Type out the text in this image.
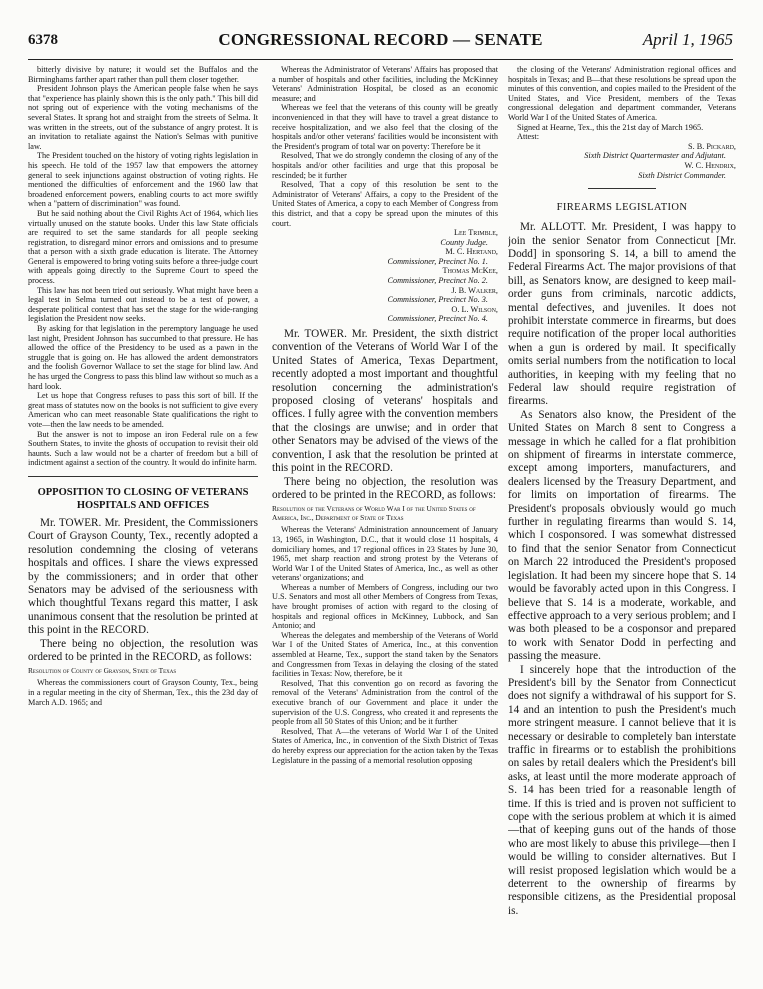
6378	CONGRESSIONAL RECORD — SENATE	April 1, 1965

bitterly divisive by nature; it would set the Buffalos and the Birminghams farther apart rather than pull them closer together.

President Johnson plays the American people false when he says that "experience has plainly shown this is the only path." This bill did not spring out of experience with the voting mechanisms of the several States. It sprang hot and straight from the streets of Selma. It was written in the streets, out of the substance of angry protest. It is an invitation to retaliate against the Nation's Selmas with punitive law.

The President touched on the history of voting rights legislation in his speech. He told of the 1957 law that empowers the attorney general to seek injunctions against obstruction of voting rights. He mentioned the difficulties of enforcement and the 1960 law that broadened enforcement powers, enabling courts to act more swiftly when a "pattern of discrimination" was found.

But he said nothing about the Civil Rights Act of 1964, which lies virtually unused on the statute books. Under this law State officials are required to set the same standards for all people seeking registration, to disregard minor errors and omissions and to presume that a person with a sixth grade education is literate. The Attorney General is empowered to bring voting suits before a three-judge court with appeals going directly to the Supreme Court to speed the process.

This law has not been tried out seriously. What might have been a legal test in Selma turned out instead to be a test of power, a desperate political contest that has set the stage for the wide-ranging legislation the President now seeks.

By asking for that legislation in the peremptory language he used last night, President Johnson has succumbed to that pressure. He has allowed the office of the Presidency to be used as a pawn in the struggle that is going on. He has allowed the ardent demonstrators and the foolish Governor Wallace to set the stage for blind law. And he has urged the Congress to pass this blind law without so much as a hard look.

Let us hope that Congress refuses to pass this sort of bill. If the great mass of statutes now on the books is not sufficient to give every American who can meet reasonable State qualifications the right to vote—then the law needs to be amended.

But the answer is not to impose an iron Federal rule on a few Southern States, to invite the ghosts of occupation to revisit their old haunts. Such a law would not be a charter of freedom but a bill of indictment against a section of the country. It would do infinite harm.

OPPOSITION TO CLOSING OF VETERANS HOSPITALS AND OFFICES

Mr. TOWER. Mr. President, the Commissioners Court of Grayson County, Tex., recently adopted a resolution condemning the closing of veterans hospitals and offices. I share the views expressed by the commissioners; and in order that other Senators may be advised of the seriousness with which thoughtful Texans regard this matter, I ask unanimous consent that the resolution be printed at this point in the RECORD.

There being no objection, the resolution was ordered to be printed in the RECORD, as follows:

Resolution of County of Grayson, State of Texas

Whereas the commissioners court of Grayson County, Tex., being in a regular meeting in the city of Sherman, Tex., this the 23d day of March A.D. 1965; and

Whereas the Administrator of Veterans' Affairs has proposed that a number of hospitals and other facilities, including the McKinney Veterans' Administration Hospital, be closed as an economic measure; and

Whereas we feel that the veterans of this county will be greatly inconvenienced in that they will have to travel a great distance to receive hospitalization, and we also feel that the closing of the hospitals and/or other veterans' facilities would be inconsistent with the President's program of total war on poverty: Therefore be it

Resolved, That we do strongly condemn the closing of any of the hospitals and/or other facilities and urge that this proposal be rescinded; be it further

Resolved, That a copy of this resolution be sent to the Administrator of Veterans' Affairs, a copy to the President of the United States of America, a copy to each Member of Congress from this district, and that a copy be spread upon the minutes of this court.

Lee Trimble,

County Judge.

M. C. Hertand,

Commissioner, Precinct No. 1.

Thomas McKee,

Commissioner, Precinct No. 2.

J. B. Walker,

Commissioner, Precinct No. 3.

O. L. Wilson,

Commissioner, Precinct No. 4.

Mr. TOWER. Mr. President, the sixth district convention of the Veterans of World War I of the United States of America, Texas Department, recently adopted a most important and thoughtful resolution concerning the administration's proposed closing of veterans' hospitals and offices. I fully agree with the convention members that the closings are unwise; and in order that other Senators may be advised of the views of the convention, I ask that the resolution be printed at this point in the RECORD.

There being no objection, the resolution was ordered to be printed in the RECORD, as follows:

Resolution of the Veterans of World War I of the United States of America, Inc., Department of State of Texas

Whereas the Veterans' Administration announcement of January 13, 1965, in Washington, D.C., that it would close 11 hospitals, 4 domiciliary homes, and 17 regional offices in 23 States by June 30, 1965, met sharp reaction and strong protest by the Veterans of World War I of the United States of America, Inc., as well as other veterans' organizations; and

Whereas a number of Members of Congress, including our two U.S. Senators and most all other Members of Congress from Texas, have brought promises of action with regard to the closing of hospitals and regional offices in McKinney, Lubbock, and San Antonio; and

Whereas the delegates and membership of the Veterans of World War I of the United States of America, Inc., at this convention assembled at Hearne, Tex., support the stand taken by the Senators and Congressmen from Texas in delaying the closing of the stated facilities in Texas: Now, therefore, be it

Resolved, That this convention go on record as favoring the removal of the Veterans' Administration from the control of the executive branch of our Government and place it under the supervision of the U.S. Congress, who created it and represents the people from all 50 States of this Union; and be it further

Resolved, That A—the veterans of World War I of the United States of America, Inc., in convention of the Sixth District of Texas do hereby express our appreciation for the action taken by the Texas Legislature in the passing of a memorial resolution opposing

the closing of the Veterans' Administration regional offices and hospitals in Texas; and B—that these resolutions be spread upon the minutes of this convention, and copies mailed to the President of the United States, and Vice President, members of the Texas congressional delegation and department commander, Veterans World War I of the United States of America.

Signed at Hearne, Tex., this the 21st day of March 1965.

Attest:

S. B. Pickard,

Sixth District Quartermaster and Adjutant.

W. C. Hendrix,

Sixth District Commander.

FIREARMS LEGISLATION

Mr. ALLOTT. Mr. President, I was happy to join the senior Senator from Connecticut [Mr. Dodd] in sponsoring S. 14, a bill to amend the Federal Firearms Act. The major provisions of that bill, as Senators know, are designed to keep mail-order guns from criminals, narcotic addicts, mental defectives, and juveniles. It does not prohibit interstate commerce in firearms, but does require notification of the proper local authorities when a gun is ordered by mail. It specifically omits serial numbers from the notification to local authorities, in keeping with my feeling that no Federal law should require registration of firearms.

As Senators also know, the President of the United States on March 8 sent to Congress a message in which he called for a flat prohibition on shipment of firearms in interstate commerce, except among importers, manufacturers, and dealers licensed by the Treasury Department, and for limits on importation of firearms. The President's proposals obviously would go much further in regulating firearms than would S. 14, which I cosponsored. I was somewhat distressed to find that the senior Senator from Connecticut on March 22 introduced the President's proposed legislation. It had been my sincere hope that S. 14 would be favorably acted upon in this Congress. I believe that S. 14 is a moderate, workable, and effective approach to a very serious problem; and I was both pleased to be a cosponsor and prepared to work with Senator Dodd in perfecting and passing the measure.

I sincerely hope that the introduction of the President's bill by the Senator from Connecticut does not signify a withdrawal of his support for S. 14 and an intention to push the President's much more stringent measure. I cannot believe that it is necessary or desirable to completely ban interstate traffic in firearms or to establish the prohibitions on sales by retail dealers which the President's bill asks, at least until the more moderate approach of S. 14 has been tried for a reasonable length of time. If this is tried and is proven not sufficient to cope with the serious problem at which it is aimed—that of keeping guns out of the hands of those who are most likely to abuse this privilege—then I would be willing to consider alternatives. But I will resist proposed legislation which would be a deterrent to the ownership of firearms by responsible citizens, as the Presidential proposal is.
